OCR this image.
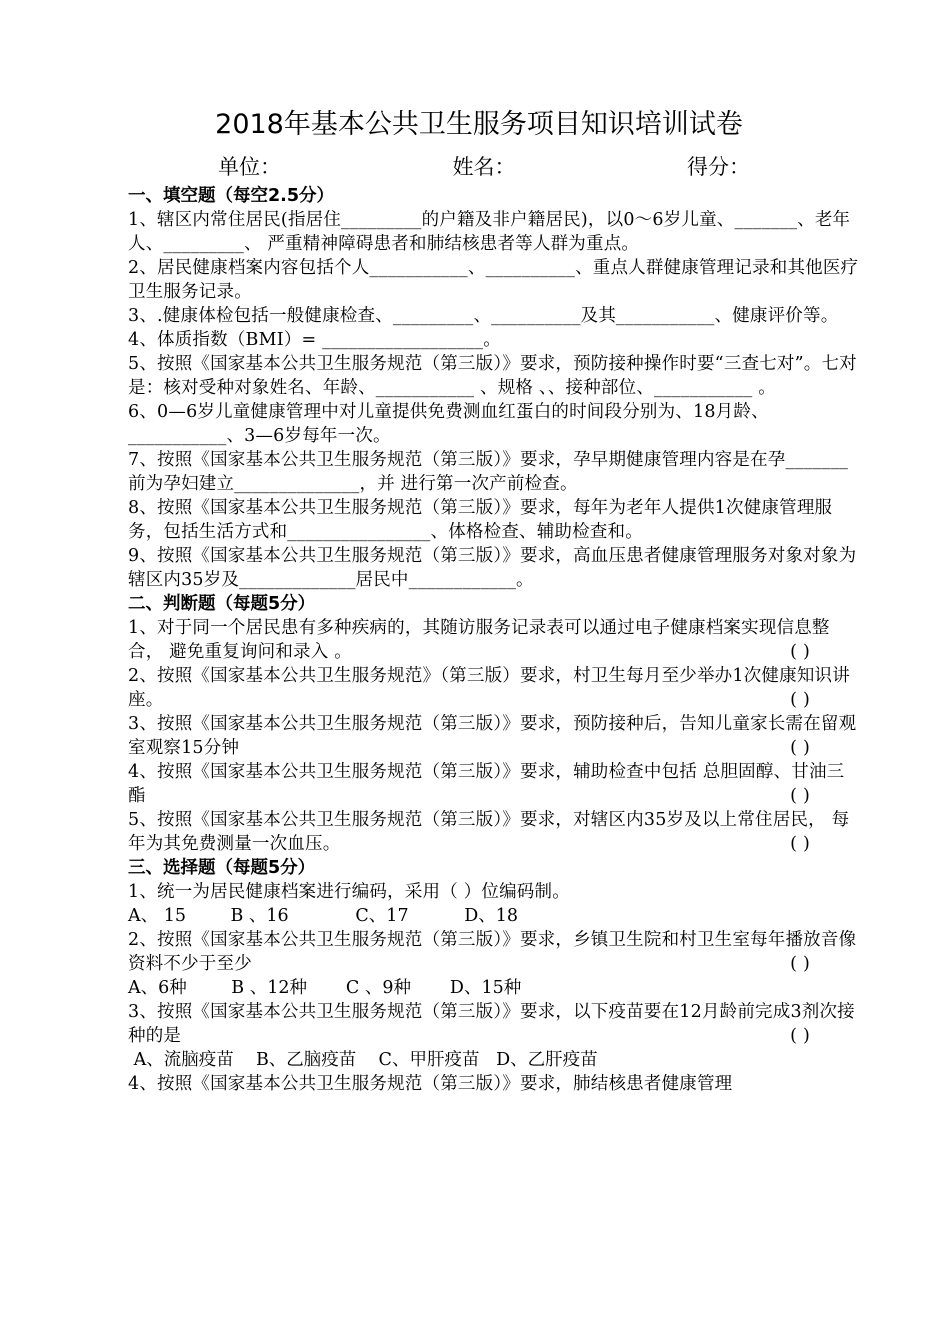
2018年基本公共卫生服务项目知识培训试卷
单位：	姓名：	得分：

一、填空题（每空2.5分）

1、辖区内常住居民(指居住_________的户籍及非户籍居民)，以0～6岁儿童、_______、老年人、_________、 严重精神障碍患者和肺结核患者等人群为重点。

2、居民健康档案内容包括个人___________、__________、重点人群健康管理记录和其他医疗卫生服务记录。

3、.健康体检包括一般健康检查、_________、__________及其___________、健康评价等。

4、体质指数（BMI）= __________________。

5、按照《国家基本公共卫生服务规范（第三版）》要求，预防接种操作时要“三查七对”。七对是：核对受种对象姓名、年龄、___________ 、规格 、、接种部位、___________ 。

6、0—6岁儿童健康管理中对儿童提供免费测血红蛋白的时间段分别为、18月龄、___________、3—6岁每年一次。

7、按照《国家基本公共卫生服务规范（第三版）》要求，孕早期健康管理内容是在孕_______前为孕妇建立______________，并 进行第一次产前检查。

8、按照《国家基本公共卫生服务规范（第三版）》要求，每年为老年人提供1次健康管理服务，包括生活方式和________________、体格检查、辅助检查和。

9、按照《国家基本公共卫生服务规范（第三版）》要求，高血压患者健康管理服务对象对象为辖区内35岁及_____________居民中____________。

二、判断题（每题5分）

1、对于同一个居民患有多种疾病的，其随访服务记录表可以通过电子健康档案实现信息整合， 避免重复询问和录入 。	( )

2、按照《国家基本公共卫生服务规范》（第三版）要求，村卫生每月至少举办1次健康知识讲座。	( )

3、按照《国家基本公共卫生服务规范（第三版）》要求，预防接种后，告知儿童家长需在留观室观察15分钟	( )

4、按照《国家基本公共卫生服务规范（第三版）》要求，辅助检查中包括 总胆固醇、甘油三酯	( )

5、按照《国家基本公共卫生服务规范（第三版）》要求，对辖区内35岁及以上常住居民， 每年为其免费测量一次血压。	( )

三、选择题（每题5分）

1、统一为居民健康档案进行编码，采用（ ）位编码制。

A、 15        B 、16            C、17          D、18

2、按照《国家基本公共卫生服务规范（第三版）》要求，乡镇卫生院和村卫生室每年播放音像资料不少于至少	( )

A、6种        B 、12种       C 、9种       D、15种

3、按照《国家基本公共卫生服务规范（第三版）》要求，以下疫苗要在12月龄前完成3剂次接种的是	( )

A、流脑疫苗    B、乙脑疫苗    C、甲肝疫苗   D、乙肝疫苗

4、按照《国家基本公共卫生服务规范（第三版）》要求，肺结核患者健康管理
